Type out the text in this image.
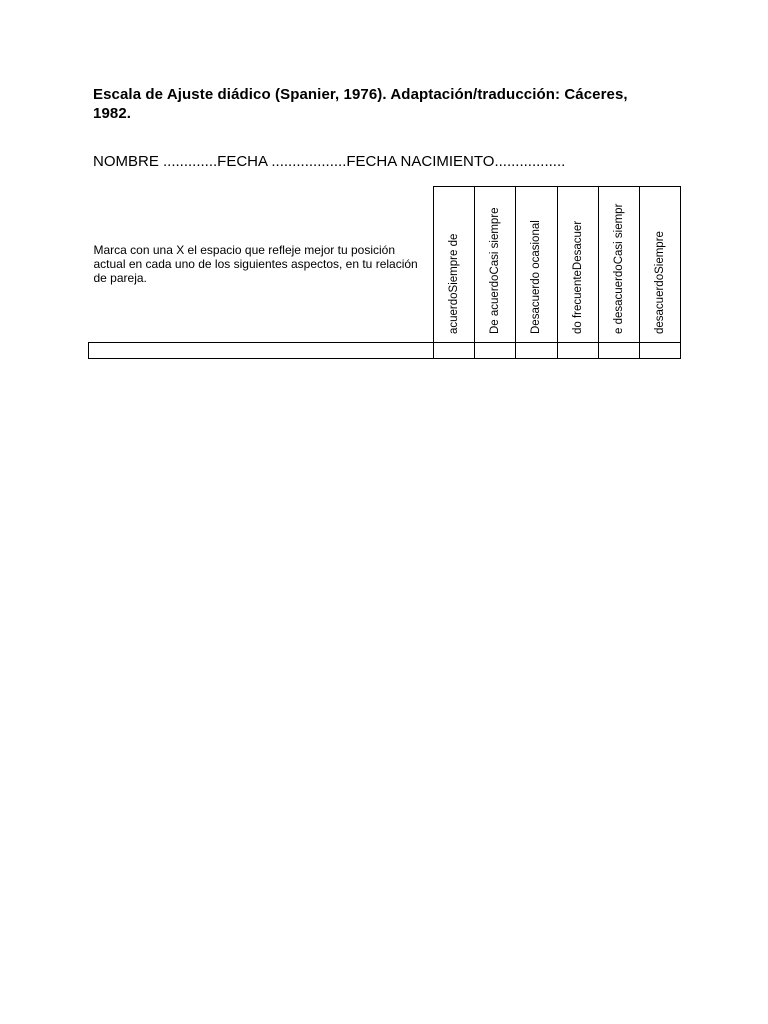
Escala de Ajuste diádico (Spanier, 1976). Adaptación/traducción: Cáceres, 1982.

NOMBRE .............FECHA ..................FECHA NACIMIENTO.................

Marca con una X el espacio que refleje mejor tu posición actual en cada uno de los siguientes aspectos, en tu relación de pareja.	acuerdoSiempre de	De acuerdoCasi siempre	Desacuerdo ocasional	do frecuenteDesacuer	e desacuerdoCasi siempr	desacuerdoSiempre
